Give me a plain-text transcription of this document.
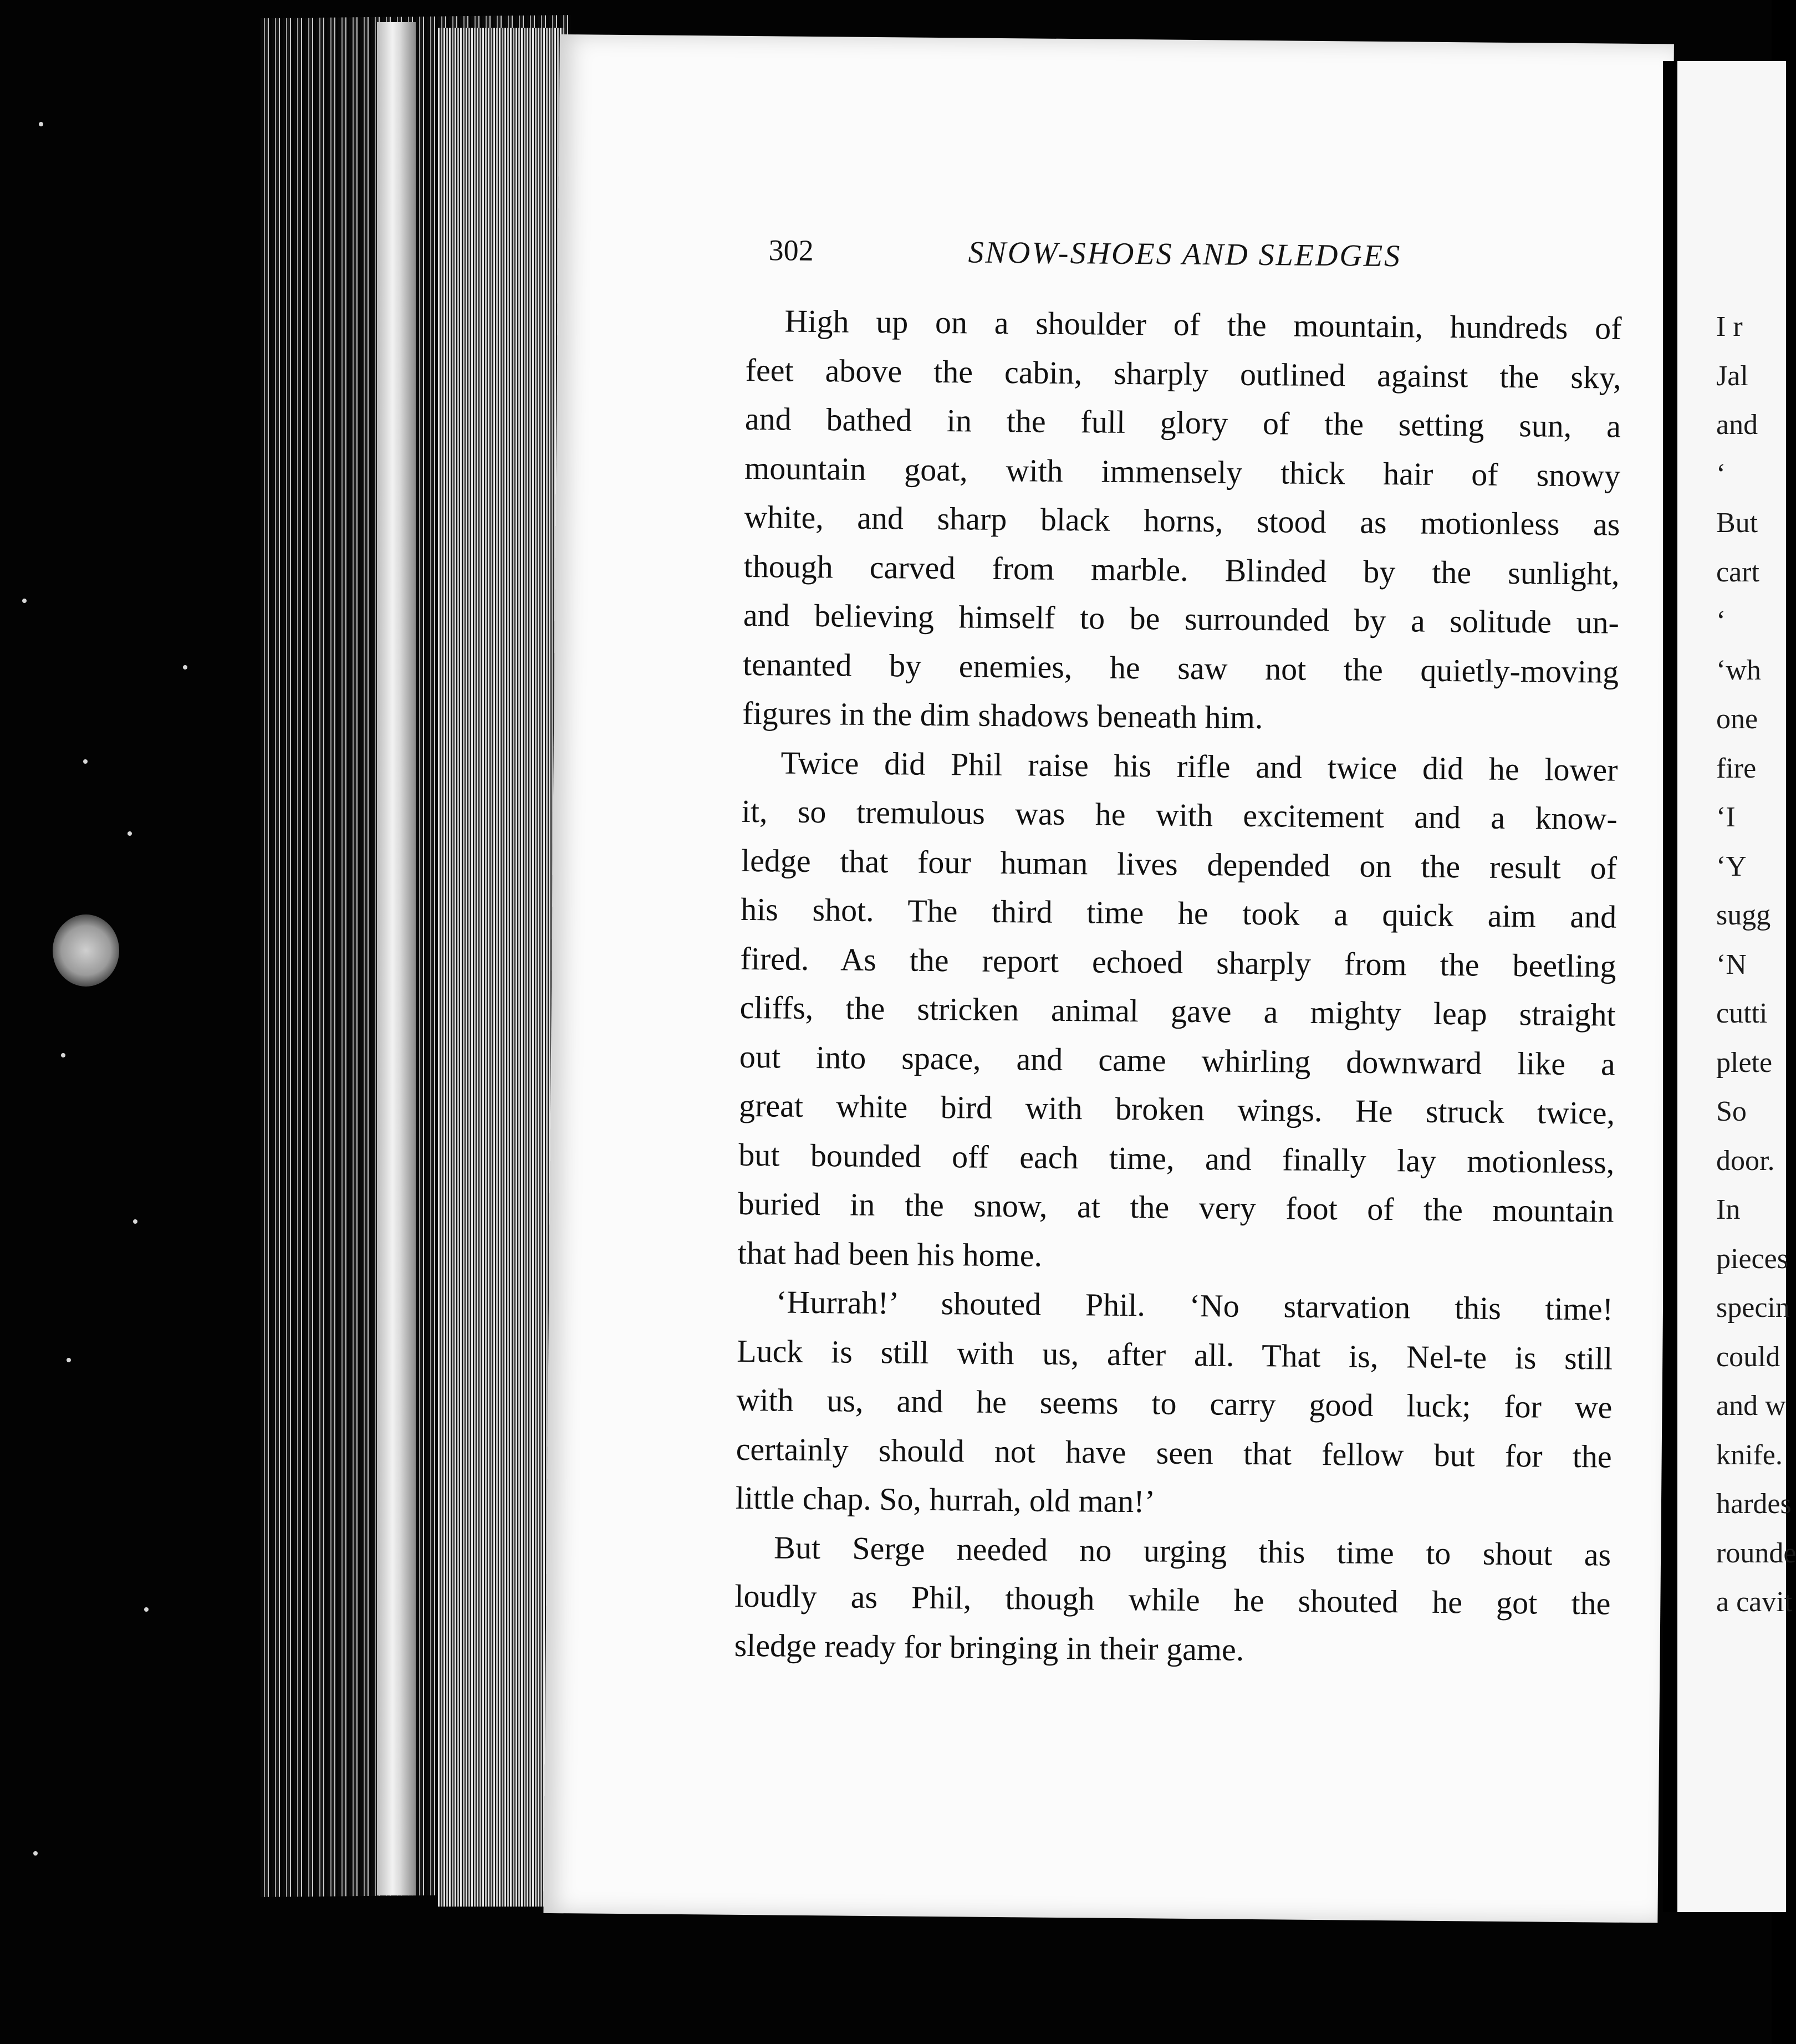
302	SNOW-SHOES AND SLEDGES
High up on a shoulder of the mountain, hundreds of
feet above the cabin, sharply outlined against the sky,
and bathed in the full glory of the setting sun, a
mountain goat, with immensely thick hair of snowy
white, and sharp black horns, stood as motionless as
though carved from marble. Blinded by the sunlight,
and believing himself to be surrounded by a solitude un-
tenanted by enemies, he saw not the quietly-moving
figures in the dim shadows beneath him.
Twice did Phil raise his rifle and twice did he lower
it, so tremulous was he with excitement and a know-
ledge that four human lives depended on the result of
his shot. The third time he took a quick aim and
fired. As the report echoed sharply from the beetling
cliffs, the stricken animal gave a mighty leap straight
out into space, and came whirling downward like a
great white bird with broken wings. He struck twice,
but bounded off each time, and finally lay motionless,
buried in the snow, at the very foot of the mountain
that had been his home.
‘Hurrah!’ shouted Phil. ‘No starvation this time!
Luck is still with us, after all. That is, Nel-te is still
with us, and he seems to carry good luck; for we
certainly should not have seen that fellow but for the
little chap. So, hurrah, old man!’
But Serge needed no urging this time to shout as
loudly as Phil, though while he shouted he got the
sledge ready for bringing in their game.
I r
Jal
and
‘
But
cart
‘
‘wh
one
fire
‘I
‘Y
sugg
‘N
cutti
plete
So
door.
In
pieces
specin
could
and w
knife.
hardes
rounde
a cavit
